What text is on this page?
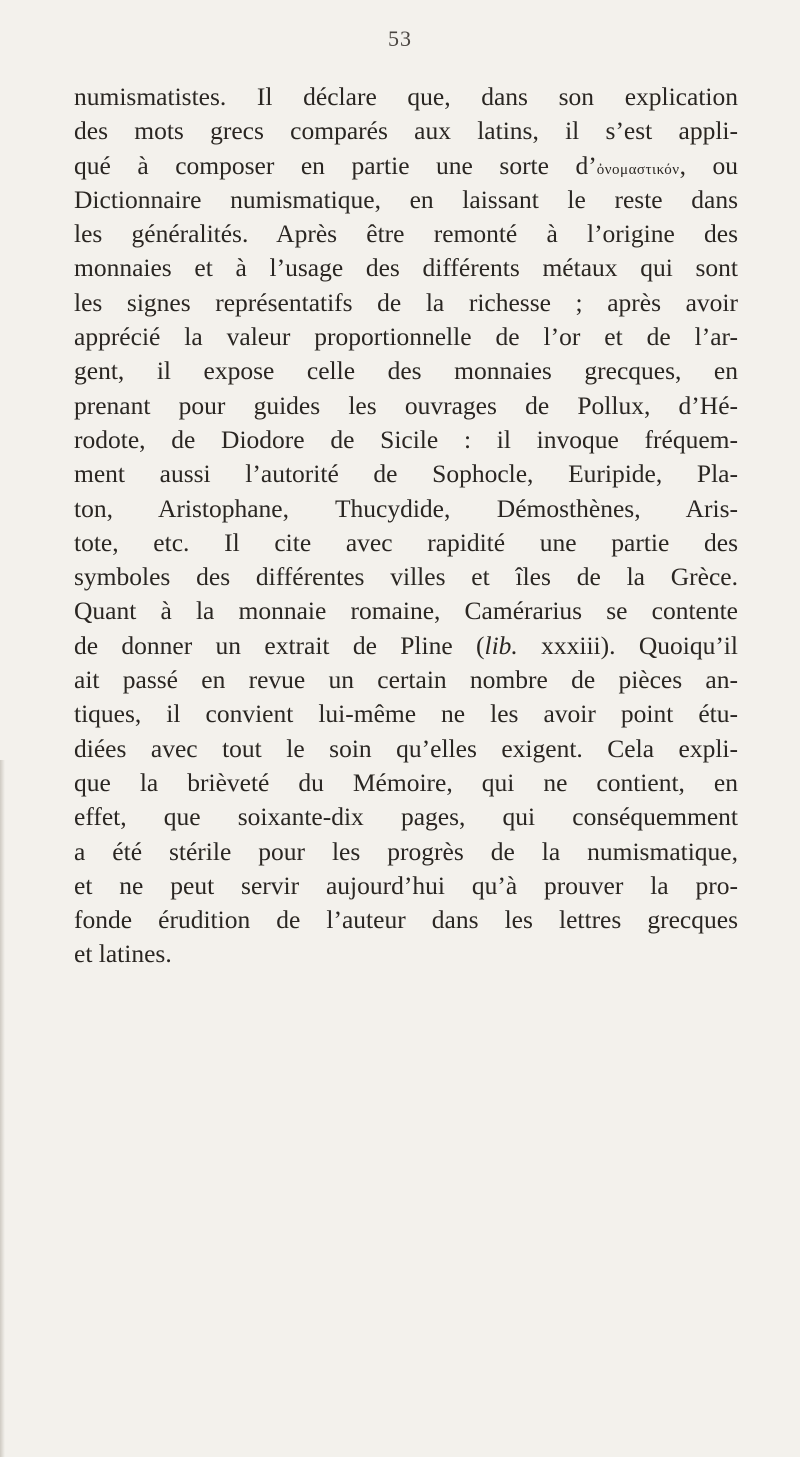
53
numismatistes. Il déclare que, dans son explication
des mots grecs comparés aux latins, il s’est appli-
qué à composer en partie une sorte d’ὀνομαστικόν, ou
Dictionnaire numismatique, en laissant le reste dans
les généralités. Après être remonté à l’origine des
monnaies et à l’usage des différents métaux qui sont
les signes représentatifs de la richesse ; après avoir
apprécié la valeur proportionnelle de l’or et de l’ar-
gent, il expose celle des monnaies grecques, en
prenant pour guides les ouvrages de Pollux, d’Hé-
rodote, de Diodore de Sicile : il invoque fréquem-
ment aussi l’autorité de Sophocle, Euripide, Pla-
ton, Aristophane, Thucydide, Démosthènes, Aris-
tote, etc. Il cite avec rapidité une partie des
symboles des différentes villes et îles de la Grèce.
Quant à la monnaie romaine, Camérarius se contente
de donner un extrait de Pline (lib. xxxiii). Quoiqu’il
ait passé en revue un certain nombre de pièces an-
tiques, il convient lui-même ne les avoir point étu-
diées avec tout le soin qu’elles exigent. Cela expli-
que la brièveté du Mémoire, qui ne contient, en
effet, que soixante-dix pages, qui conséquemment
a été stérile pour les progrès de la numismatique,
et ne peut servir aujourd’hui qu’à prouver la pro-
fonde érudition de l’auteur dans les lettres grecques
et latines.
